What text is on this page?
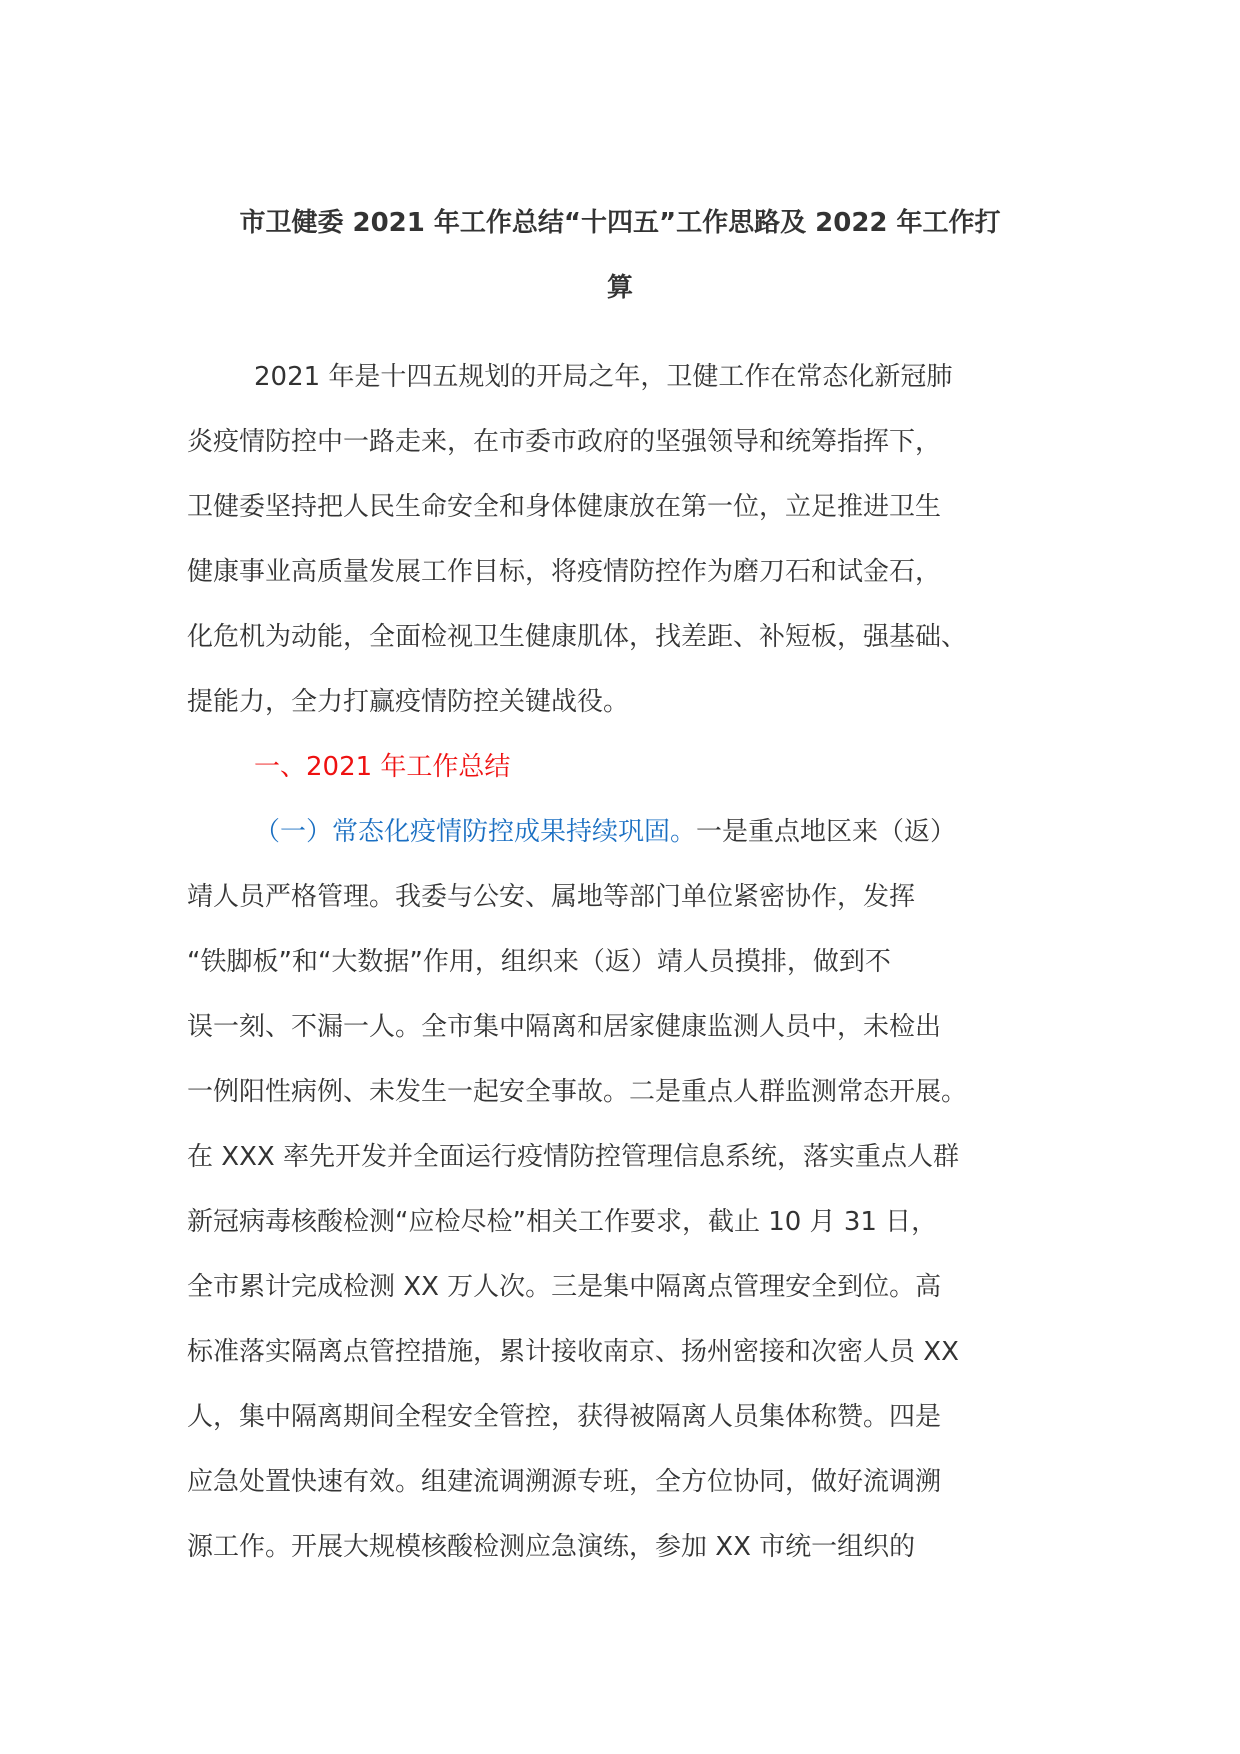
市卫健委 2021 年工作总结“十四五”工作思路及 2022 年工作打
算
2021 年是十四五规划的开局之年，卫健工作在常态化新冠肺
炎疫情防控中一路走来，在市委市政府的坚强领导和统筹指挥下，
卫健委坚持把人民生命安全和身体健康放在第一位，立足推进卫生
健康事业高质量发展工作目标，将疫情防控作为磨刀石和试金石，
化危机为动能，全面检视卫生健康肌体，找差距、补短板，强基础、
提能力，全力打赢疫情防控关键战役。
一、2021 年工作总结
（一）常态化疫情防控成果持续巩固。一是重点地区来（返）
靖人员严格管理。我委与公安、属地等部门单位紧密协作，发挥
“铁脚板”和“大数据”作用，组织来（返）靖人员摸排，做到不
误一刻、不漏一人。全市集中隔离和居家健康监测人员中，未检出
一例阳性病例、未发生一起安全事故。二是重点人群监测常态开展。
在 XXX 率先开发并全面运行疫情防控管理信息系统，落实重点人群
新冠病毒核酸检测“应检尽检”相关工作要求，截止 10 月 31 日，
全市累计完成检测 XX 万人次。三是集中隔离点管理安全到位。高
标准落实隔离点管控措施，累计接收南京、扬州密接和次密人员 XX
人，集中隔离期间全程安全管控，获得被隔离人员集体称赞。四是
应急处置快速有效。组建流调溯源专班，全方位协同，做好流调溯
源工作。开展大规模核酸检测应急演练，参加 XX 市统一组织的
